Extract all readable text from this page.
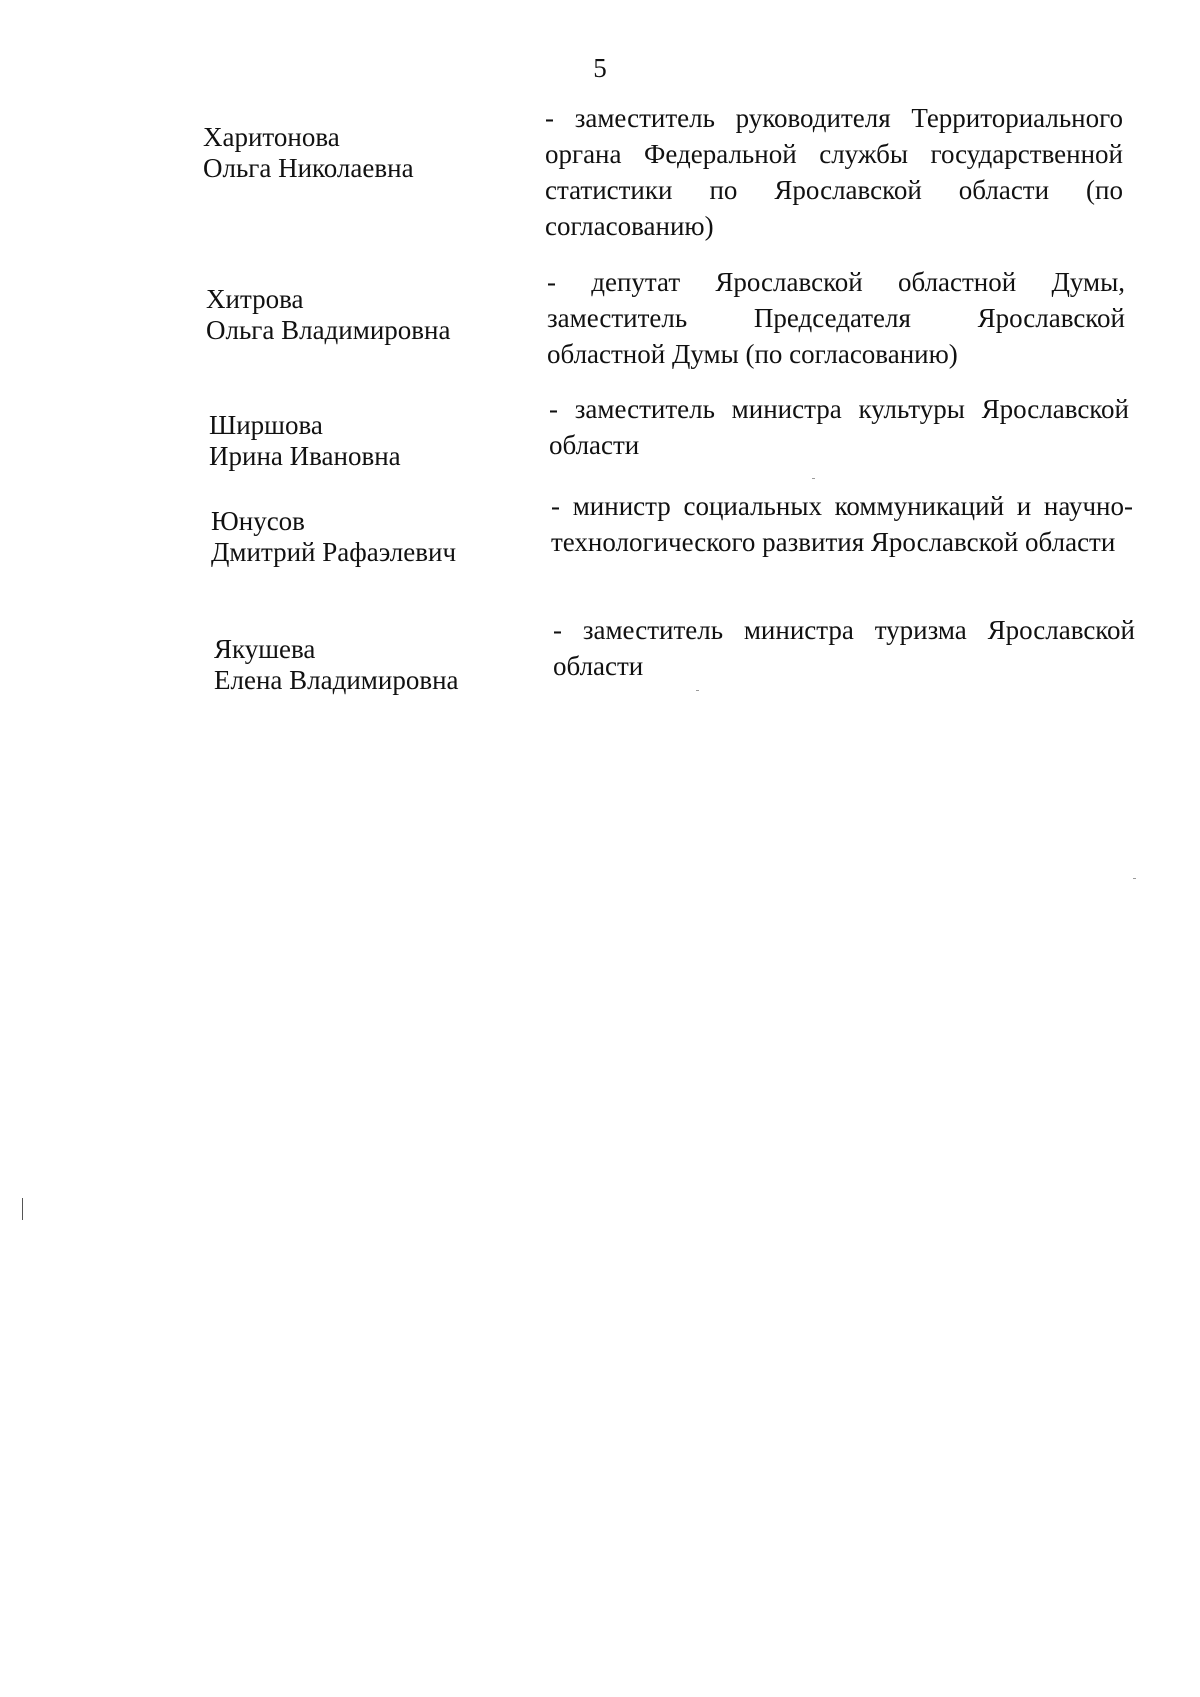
5
Харитонова
Ольга Николаевна
- заместитель руководителя Территориального органа Федеральной службы государственной статистики по Ярославской области (по согласованию)
Хитрова
Ольга Владимировна
- депутат Ярославской областной Думы, заместитель Председателя Ярославской областной Думы (по согласованию)
Ширшова
Ирина Ивановна
- заместитель министра культуры Ярославской области
Юнусов
Дмитрий Рафаэлевич
- министр социальных коммуникаций и научно-технологического развития Ярославской области
Якушева
Елена Владимировна
- заместитель министра туризма Ярославской области
